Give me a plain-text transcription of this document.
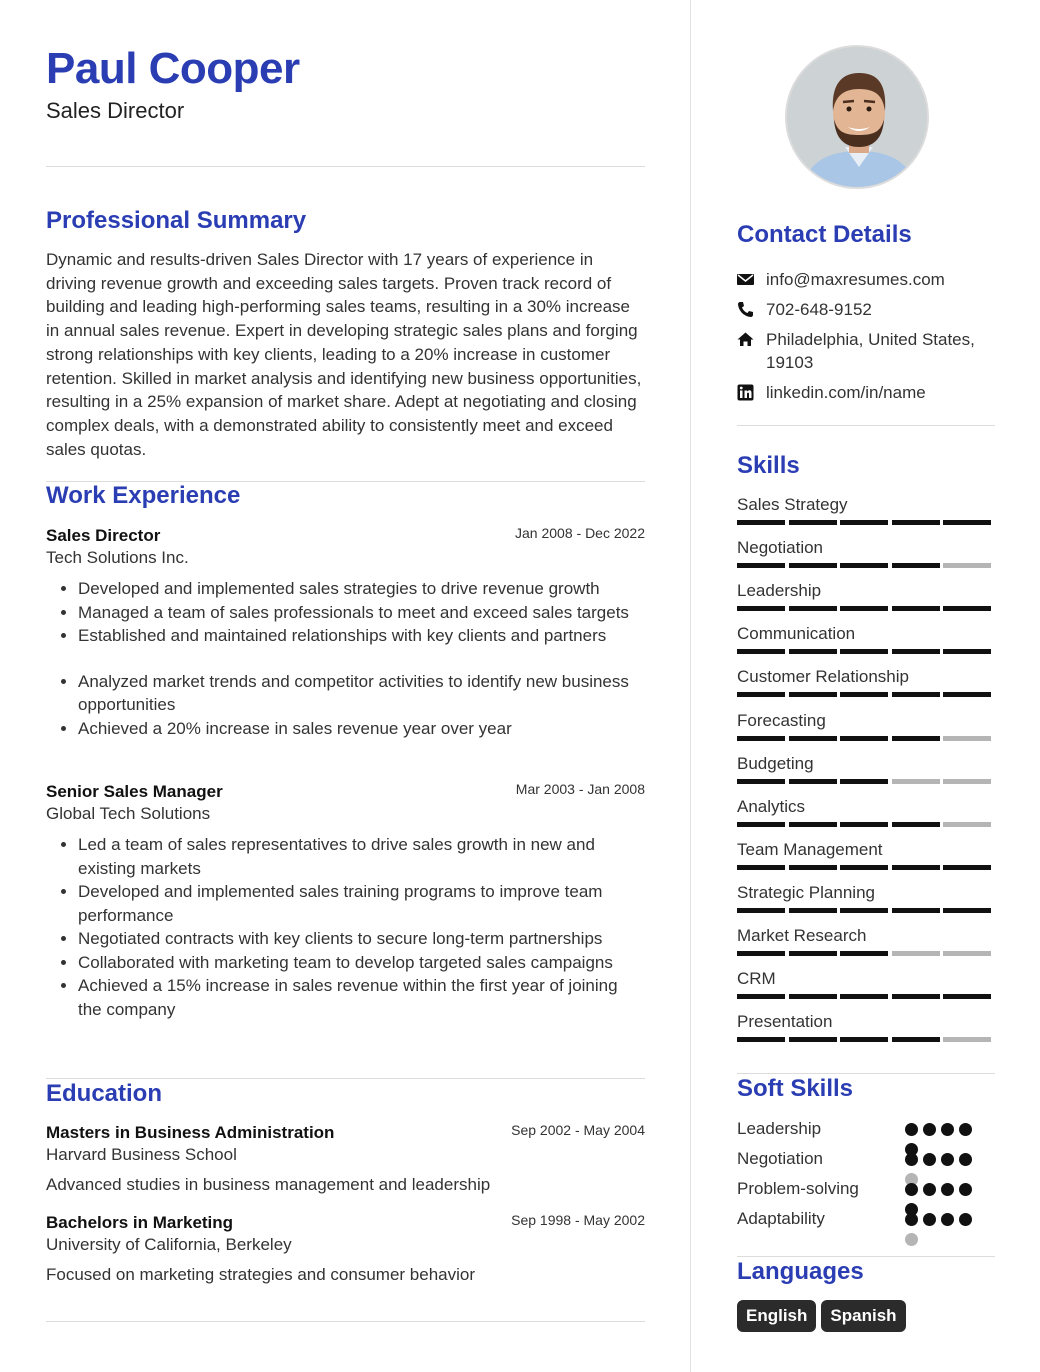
Paul Cooper
Sales Director
Professional Summary
Dynamic and results-driven Sales Director with 17 years of experience in driving revenue growth and exceeding sales targets. Proven track record of building and leading high-performing sales teams, resulting in a 30% increase in annual sales revenue. Expert in developing strategic sales plans and forging strong relationships with key clients, leading to a 20% increase in customer retention. Skilled in market analysis and identifying new business opportunities, resulting in a 25% expansion of market share. Adept at negotiating and closing complex deals, with a demonstrated ability to consistently meet and exceed sales quotas.
Work Experience
Sales Director	Jan 2008 - Dec 2022
Tech Solutions Inc.
• Developed and implemented sales strategies to drive revenue growth
• Managed a team of sales professionals to meet and exceed sales targets
• Established and maintained relationships with key clients and partners
• Analyzed market trends and competitor activities to identify new business opportunities
• Achieved a 20% increase in sales revenue year over year
Senior Sales Manager	Mar 2003 - Jan 2008
Global Tech Solutions
• Led a team of sales representatives to drive sales growth in new and existing markets
• Developed and implemented sales training programs to improve team performance
• Negotiated contracts with key clients to secure long-term partnerships
• Collaborated with marketing team to develop targeted sales campaigns
• Achieved a 15% increase in sales revenue within the first year of joining the company
Education
Masters in Business Administration	Sep 2002 - May 2004
Harvard Business School
Advanced studies in business management and leadership
Bachelors in Marketing	Sep 1998 - May 2002
University of California, Berkeley
Focused on marketing strategies and consumer behavior
Contact Details
info@maxresumes.com
702-648-9152
Philadelphia, United States, 19103
linkedin.com/in/name
Skills
Sales Strategy
Negotiation
Leadership
Communication
Customer Relationship
Forecasting
Budgeting
Analytics
Team Management
Strategic Planning
Market Research
CRM
Presentation
Soft Skills
Leadership
Negotiation
Problem-solving
Adaptability
Languages
English Spanish
